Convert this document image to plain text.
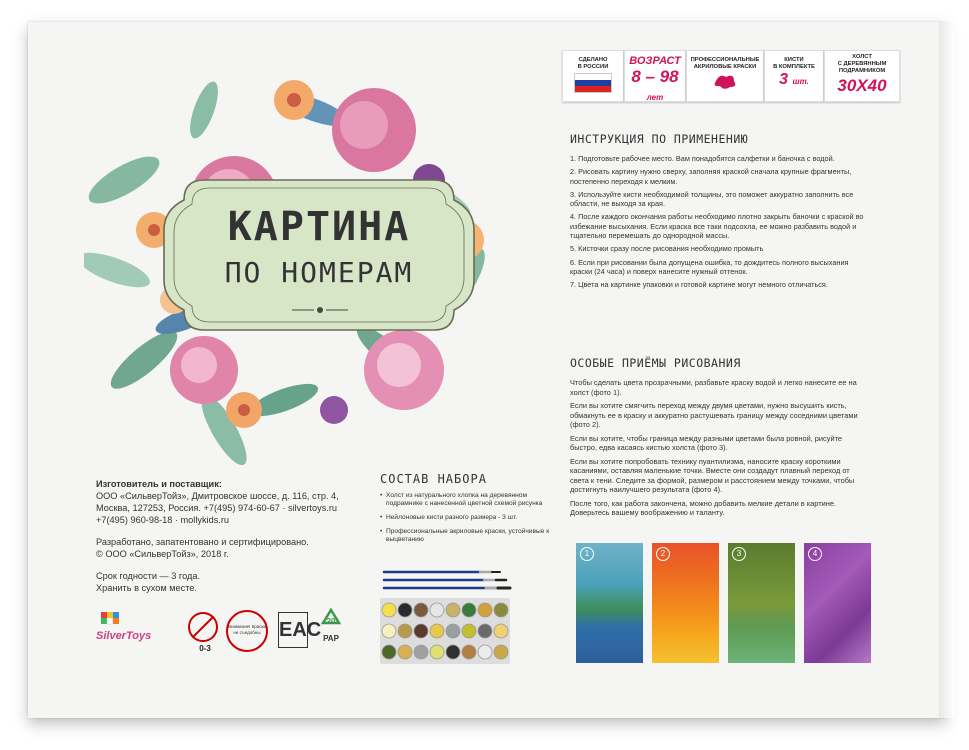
КАРТИНА
ПО НОМЕРАМ

Изготовитель и поставщик:

ООО «СильверТойз», Дмитровское шоссе, д. 116, стр. 4,

Москва, 127253, Россия. +7(495) 974-60-67 · silvertoys.ru

+7(495) 960-98-18 · mollykids.ru

Разработано, запатентовано и сертифицировано.

© ООО «СильверТойз», 2018 г.

Срок годности — 3 года.

Хранить в сухом месте.

SilverToys
0-3
Внимание! Краски не съедобны EAC 20
PAP
СОСТАВ НАБОРА
• Холст из натурального хлопка на деревянном подрамнике с нанесенной цветной схемой рисунка
• Нейлоновые кисти разного размера - 3 шт.
• Профессиональные акриловые краски, устойчивые к выцветанию
СДЕЛАНО
В РОССИИ	ВОЗРАСТ
8 – 98 лет
ПРОФЕССИОНАЛЬНЫЕ
АКРИЛОВЫЕ КРАСКИ
КИСТИ
В КОМПЛЕКТЕ
3 шт.
ХОЛСТ
С ДЕРЕВЯННЫМ
ПОДРАМНИКОМ
30X40
ИНСТРУКЦИЯ ПО ПРИМЕНЕНИЮ

1. Подготовьте рабочее место. Вам понадобятся салфетки и баночка с водой.

2. Рисовать картину нужно сверху, заполняя краской сначала крупные фрагменты, постепенно переходя к мелким.

3. Используйте кисти необходимой толщины, это поможет аккуратно заполнить все области, не выходя за края.

4. После каждого окончания работы необходимо плотно закрыть баночки с краской во избежание высыхания. Если краска все таки подсохла, ее можно разбавить водой и тщательно перемешать до однородной массы.

5. Кисточки сразу после рисования необходимо промыть

6. Если при рисовании была допущена ошибка, то дождитесь полного высыхания краски (24 часа) и поверх нанесите нужный оттенок.

7. Цвета на картинке упаковки и готовой картине могут немного отличаться.

ОСОБЫЕ ПРИЁМЫ РИСОВАНИЯ

Чтобы сделать цвета прозрачными, разбавьте краску водой и легко нанесите ее на холст (фото 1).

Если вы хотите смягчить переход между двумя цветами, нужно высушить кисть, обмакнуть ее в краску и аккуратно растушевать границу между соседними цветами (фото 2).

Если вы хотите, чтобы граница между разными цветами была ровной, рисуйте быстро, едва касаясь кистью холста (фото 3).

Если вы хотите попробовать технику пуантилизма, наносите краску короткими касаниями, оставляя маленькие точки. Вместе они создадут плавный переход от света к тени. Следите за формой, размером и расстоянием между точками, чтобы достигнуть наилучшего результата (фото 4).

После того, как работа закончена, можно добавить мелкие детали в картине. Доверьтесь вашему воображению и таланту.

1	2	3	4
